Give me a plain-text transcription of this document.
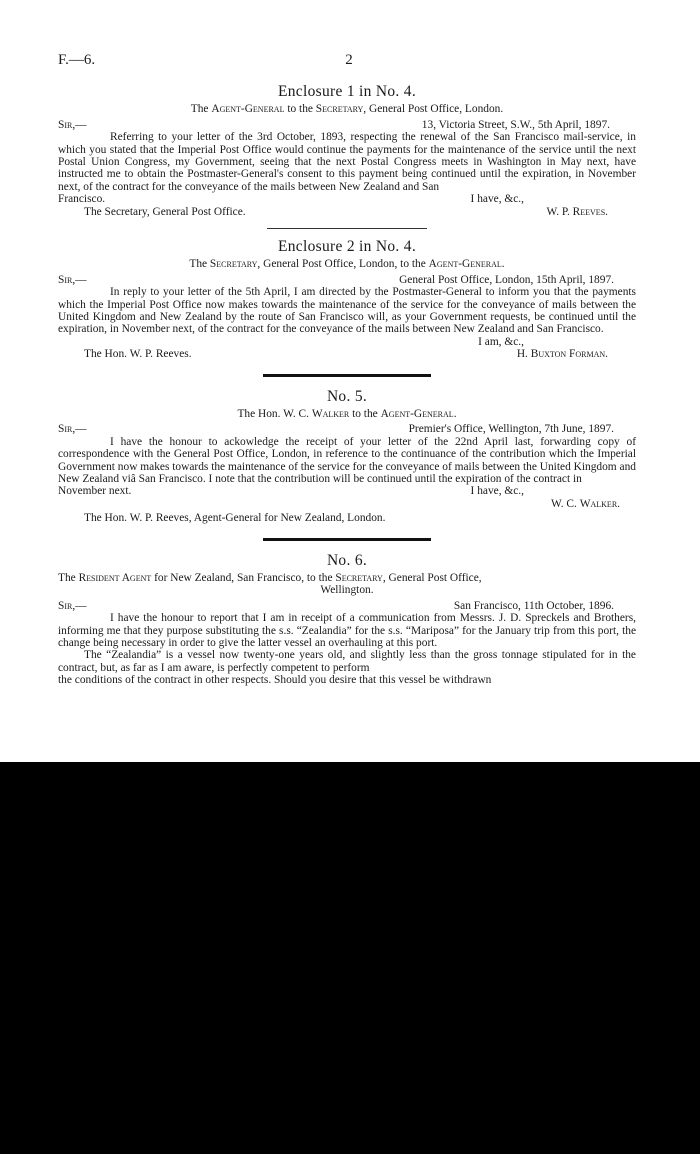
F.—6.	2
Enclosure 1 in No. 4.
The Agent-General to the Secretary, General Post Office, London.
Sir,—	13, Victoria Street, S.W., 5th April, 1897.

Referring to your letter of the 3rd October, 1893, respecting the renewal of the San Francisco mail-service, in which you stated that the Imperial Post Office would continue the payments for the maintenance of the service until the next Postal Union Congress, my Government, seeing that the next Postal Congress meets in Washington in May next, have instructed me to obtain the Postmaster-General's consent to this payment being continued until the expiration, in November next, of the contract for the conveyance of the mails between New Zealand and San

Francisco.	I have, &c.,
The Secretary, General Post Office.	W. P. Reeves.
Enclosure 2 in No. 4.
The Secretary, General Post Office, London, to the Agent-General.
Sir,—	General Post Office, London, 15th April, 1897.

In reply to your letter of the 5th April, I am directed by the Postmaster-General to inform you that the payments which the Imperial Post Office now makes towards the maintenance of the service for the conveyance of mails between the United Kingdom and New Zealand by the route of San Francisco will, as your Government requests, be continued until the expiration, in November next, of the contract for the conveyance of the mails between New Zealand and San Francisco.

I am, &c.,
The Hon. W. P. Reeves.	H. Buxton Forman.
No. 5.
The Hon. W. C. Walker to the Agent-General.
Sir,—	Premier's Office, Wellington, 7th June, 1897.

I have the honour to ackowledge the receipt of your letter of the 22nd April last, forwarding copy of correspondence with the General Post Office, London, in reference to the continuance of the contribution which the Imperial Government now makes towards the maintenance of the service for the conveyance of mails between the United Kingdom and New Zealand viâ San Francisco. I note that the contribution will be continued until the expiration of the contract in

November next.	I have, &c.,
W. C. Walker.

The Hon. W. P. Reeves, Agent-General for New Zealand, London.

No. 6.
The Resident Agent for New Zealand, San Francisco, to the Secretary, General Post Office,
Wellington.
Sir,—	San Francisco, 11th October, 1896.

I have the honour to report that I am in receipt of a communication from Messrs. J. D. Spreckels and Brothers, informing me that they purpose substituting the s.s. “Zealandia” for the s.s. “Mariposa” for the January trip from this port, the change being necessary in order to give the latter vessel an overhauling at this port.

The “Zealandia” is a vessel now twenty-one years old, and slightly less than the gross tonnage stipulated for in the contract, but, as far as I am aware, is perfectly competent to perform

the conditions of the contract in other respects. Should you desire that this vessel be withdrawn
